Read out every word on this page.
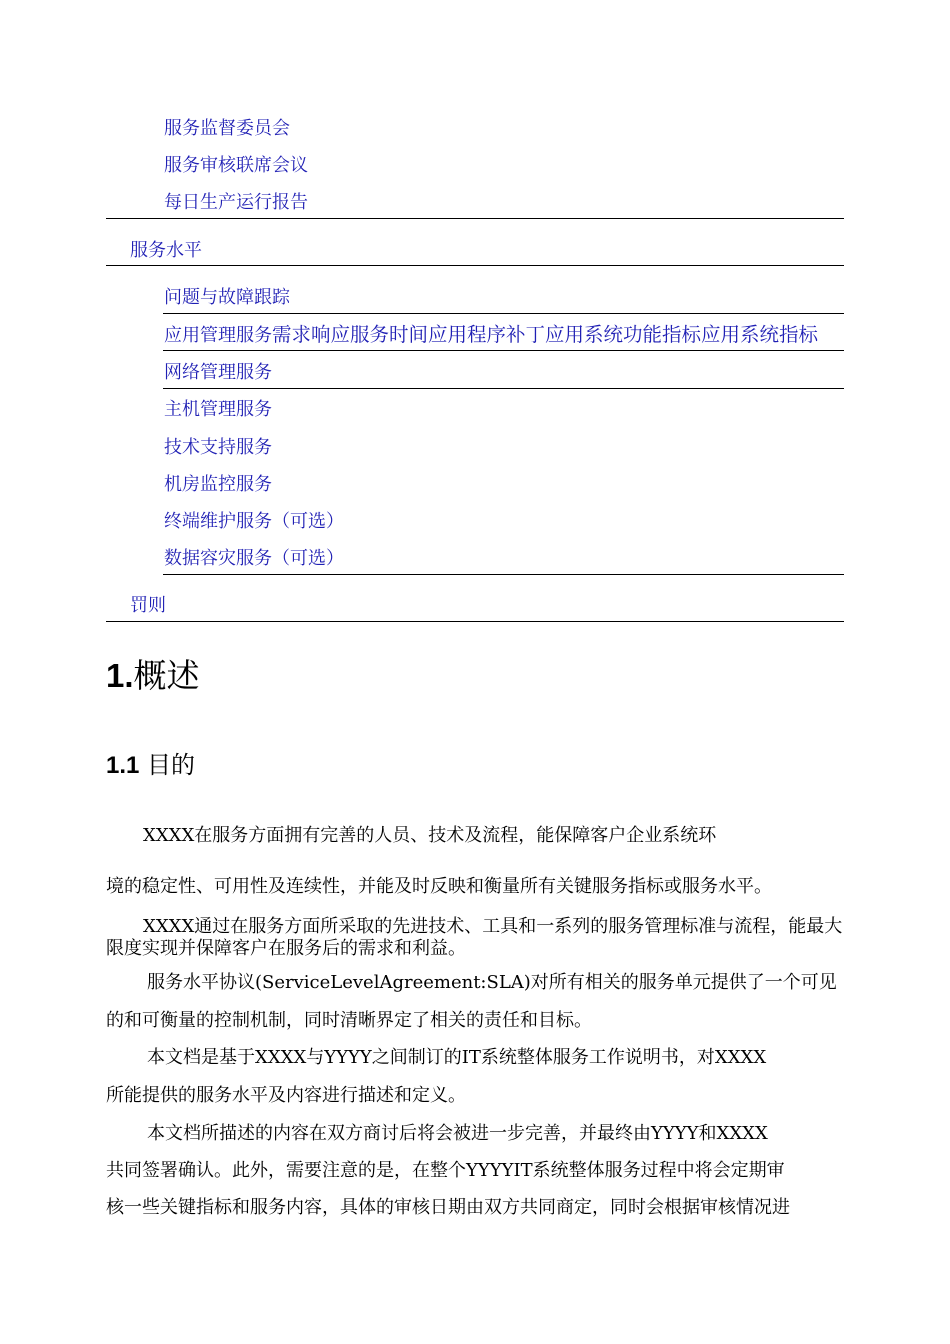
服务监督委员会
服务审核联席会议
每日生产运行报告
服务水平
问题与故障跟踪
应用管理服务需求响应服务时间应用程序补丁应用系统功能指标应用系统指标
网络管理服务
主机管理服务
技术支持服务
机房监控服务
终端维护服务（可选）
数据容灾服务（可选）
罚则
1.概述
1.1 目的
XXXX在服务方面拥有完善的人员、技术及流程，能保障客户企业系统环
境的稳定性、可用性及连续性，并能及时反映和衡量所有关键服务指标或服务水平。
XXXX通过在服务方面所采取的先进技术、工具和一系列的服务管理标准与流程，能最大限度实现并保障客户在服务后的需求和利益。
服务水平协议(ServiceLevelAgreement:SLA)对所有相关的服务单元提供了一个可见
的和可衡量的控制机制，同时清晰界定了相关的责任和目标。
本文档是基于XXXX与YYYY之间制订的IT系统整体服务工作说明书，对XXXX
所能提供的服务水平及内容进行描述和定义。
本文档所描述的内容在双方商讨后将会被进一步完善，并最终由YYYY和XXXX
共同签署确认。此外，需要注意的是，在整个YYYYIT系统整体服务过程中将会定期审
核一些关键指标和服务内容，具体的审核日期由双方共同商定，同时会根据审核情况进
